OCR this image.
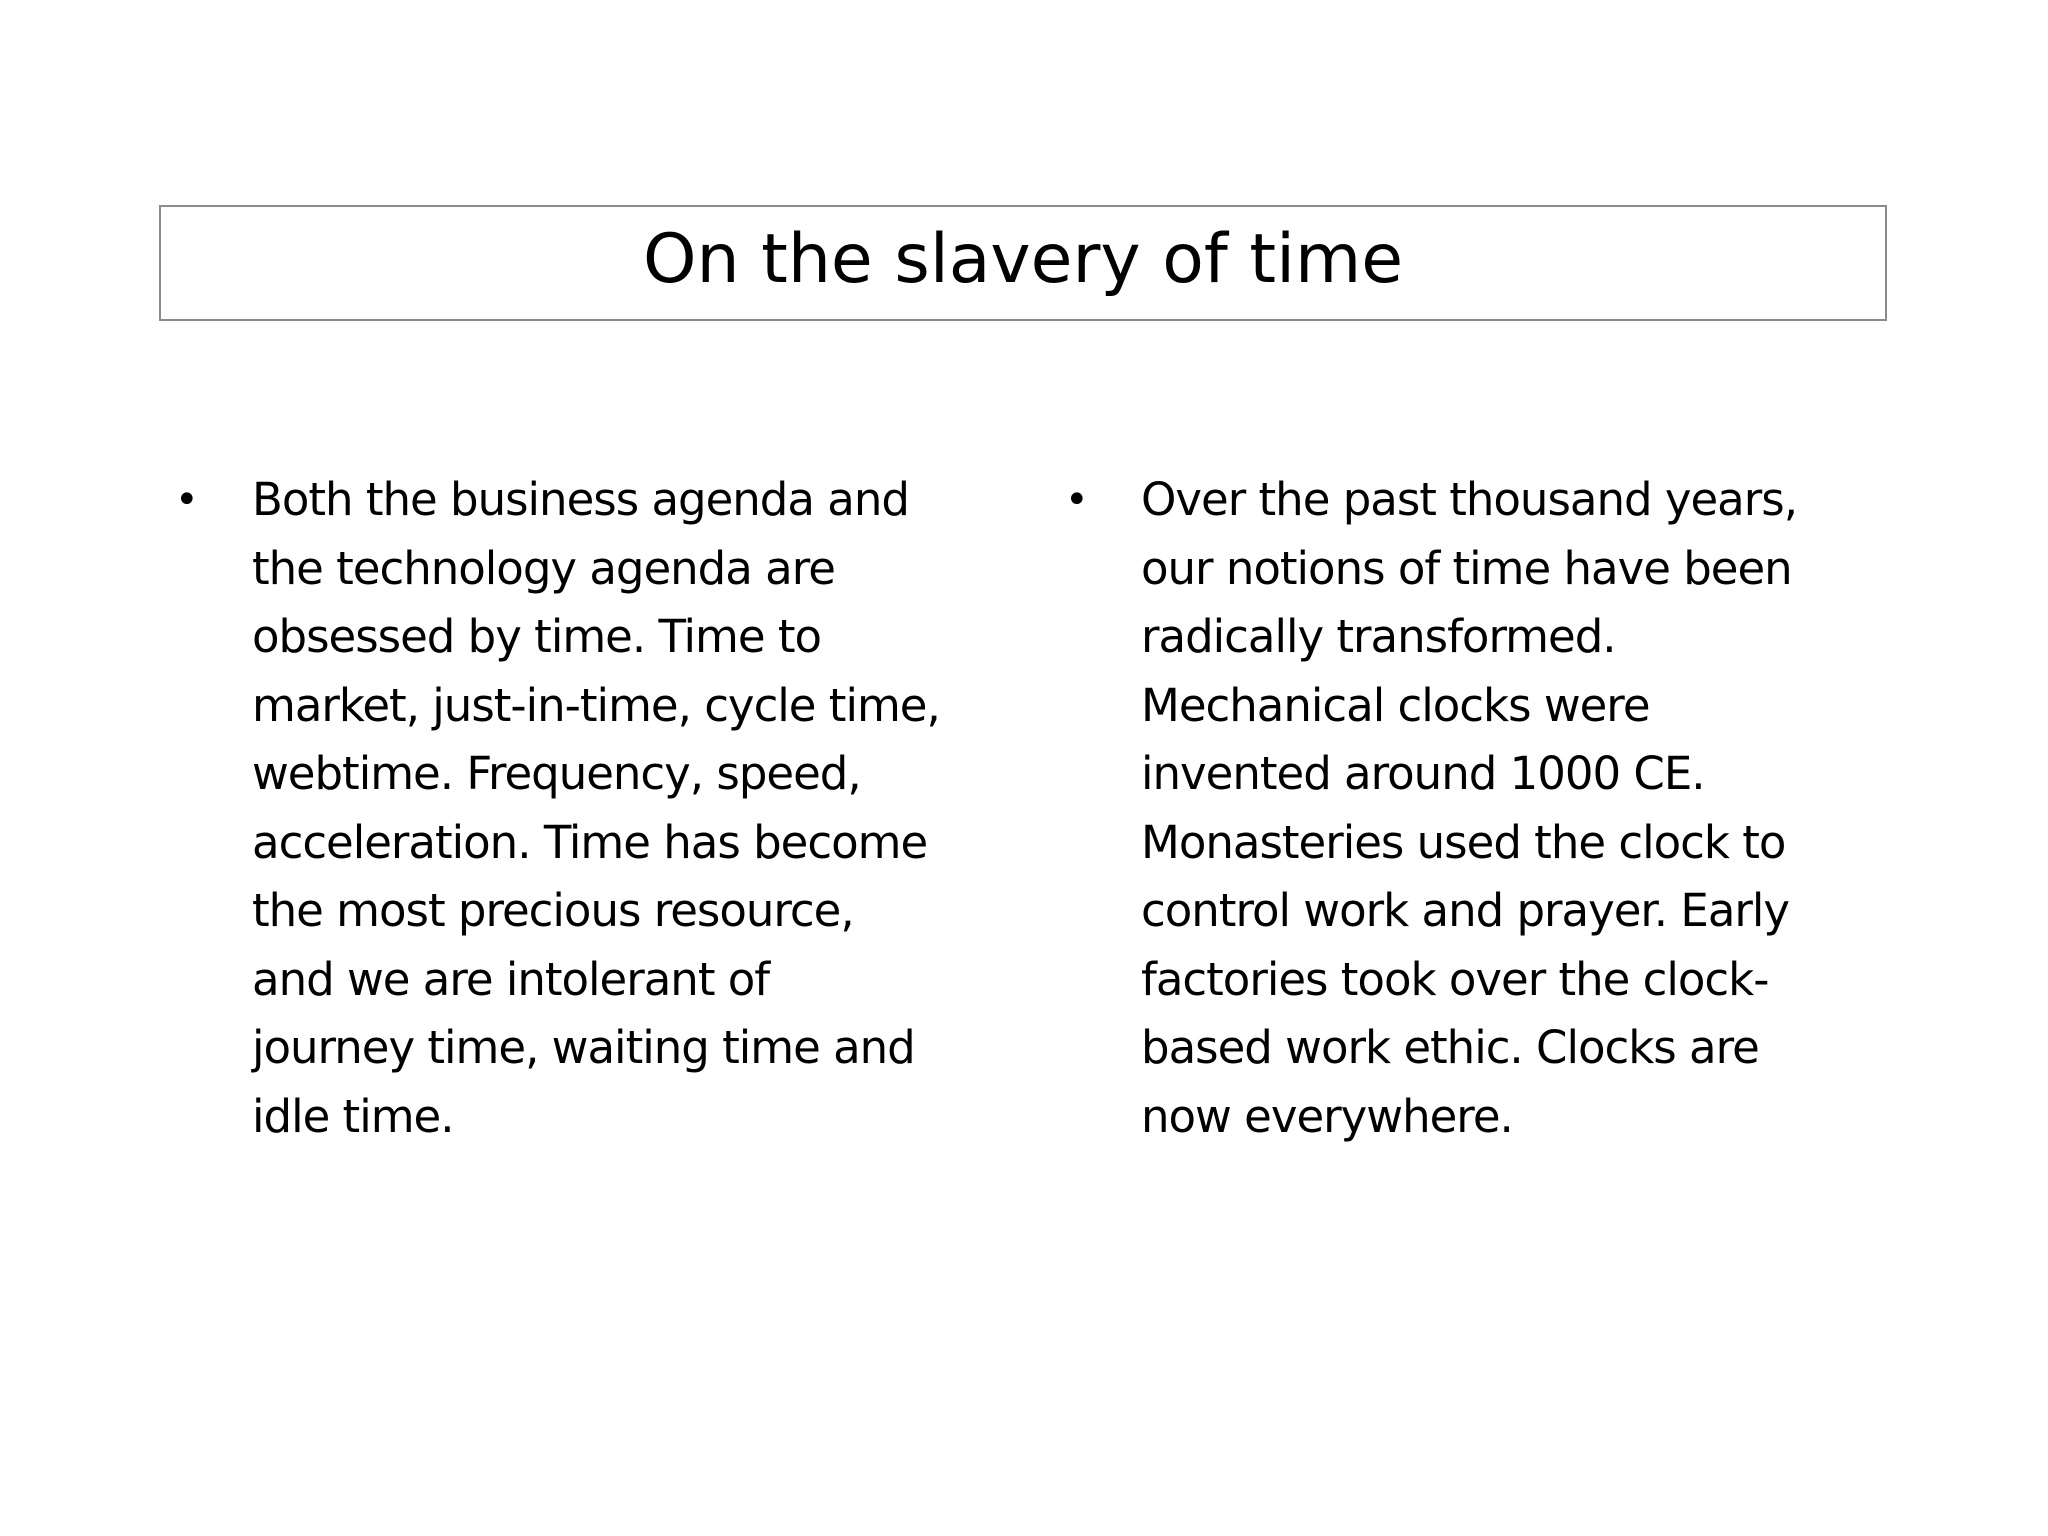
On the slavery of time
• Both the business agenda and
the technology agenda are
obsessed by time. Time to
market, just-in-time, cycle time,
webtime. Frequency, speed,
acceleration. Time has become
the most precious resource,
and we are intolerant of
journey time, waiting time and
idle time.
• Over the past thousand years,
our notions of time have been
radically transformed.
Mechanical clocks were
invented around 1000 CE.
Monasteries used the clock to
control work and prayer. Early
factories took over the clock-
based work ethic. Clocks are
now everywhere.
